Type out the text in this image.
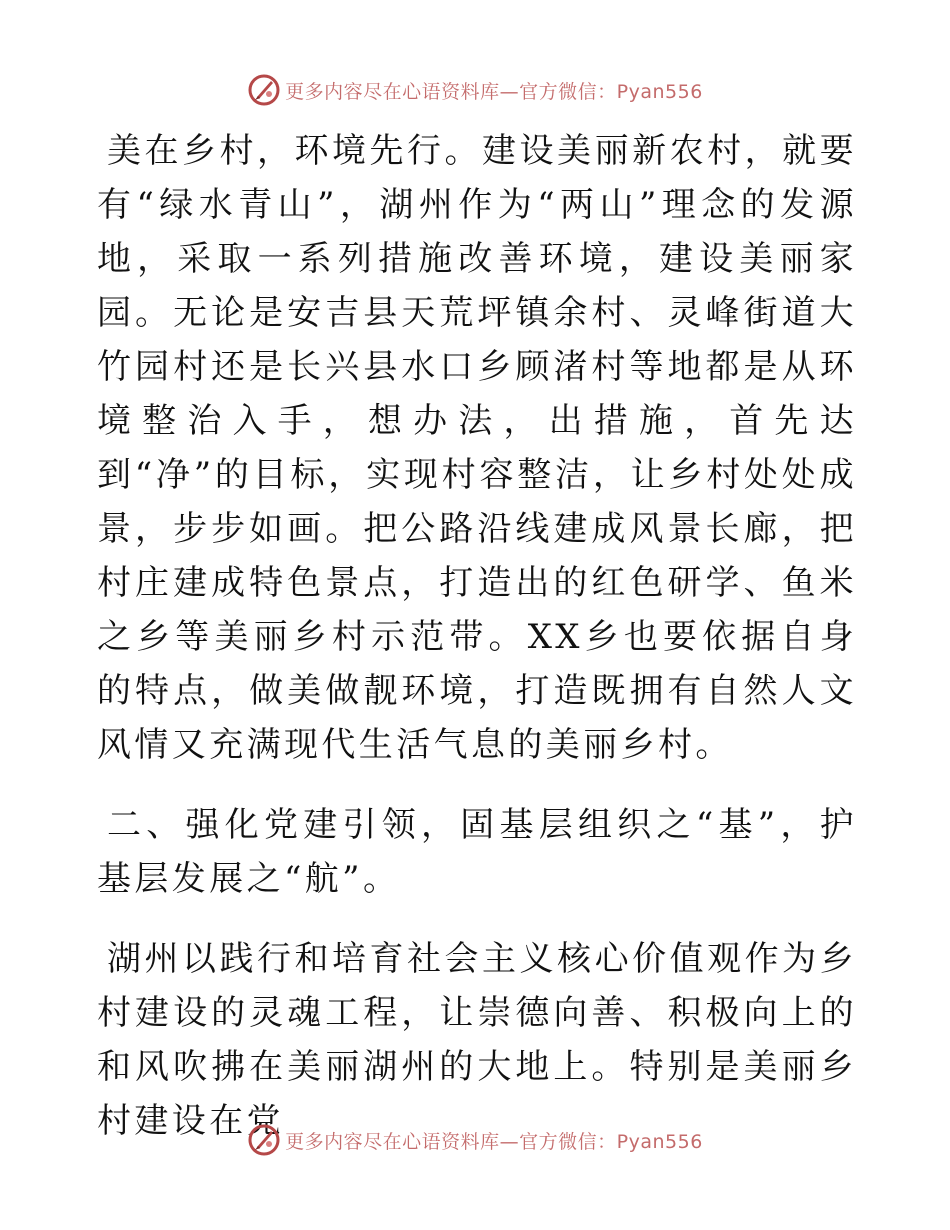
更多内容尽在心语资料库—官方微信：Pyan556

美在乡村，环境先行。建设美丽新农村，就要有“绿水青山”，湖州作为“两山”理念的发源地，采取一系列措施改善环境，建设美丽家园。无论是安吉县天荒坪镇余村、灵峰街道大竹园村还是长兴县水口乡顾渚村等地都是从环境整治入手，想办法，出措施，首先达到“净”的目标，实现村容整洁，让乡村处处成景，步步如画。把公路沿线建成风景长廊，把村庄建成特色景点，打造出的红色研学、鱼米之乡等美丽乡村示范带。XX乡也要依据自身的特点，做美做靓环境，打造既拥有自然人文风情又充满现代生活气息的美丽乡村。

二、强化党建引领，固基层组织之“基”，护基层发展之“航”。

湖州以践行和培育社会主义核心价值观作为乡村建设的灵魂工程，让崇德向善、积极向上的和风吹拂在美丽湖州的大地上。特别是美丽乡村建设在党

更多内容尽在心语资料库—官方微信：Pyan556
